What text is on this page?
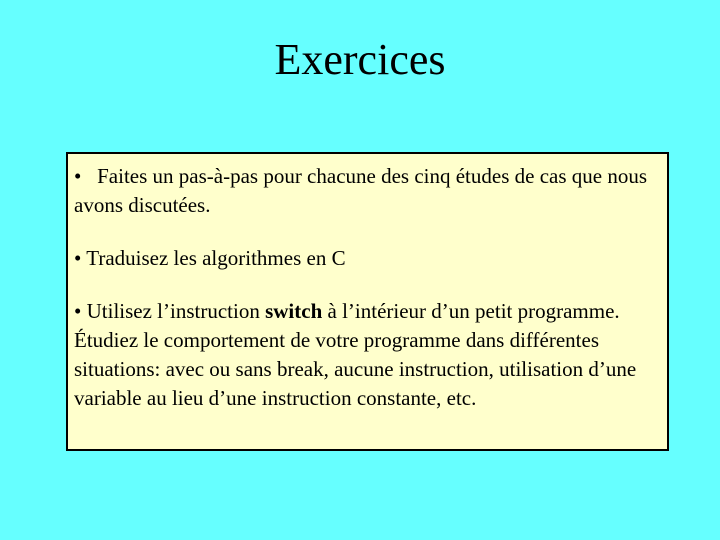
Exercices

• Faites un pas-à-pas pour chacune des cinq études de cas que nous avons discutées.

• Traduisez les algorithmes en C

• Utilisez l’instruction switch à l’intérieur d’un petit programme. Étudiez le comportement de votre programme dans différentes situations: avec ou sans break, aucune instruction, utilisation d’une variable au lieu d’une instruction constante, etc.
